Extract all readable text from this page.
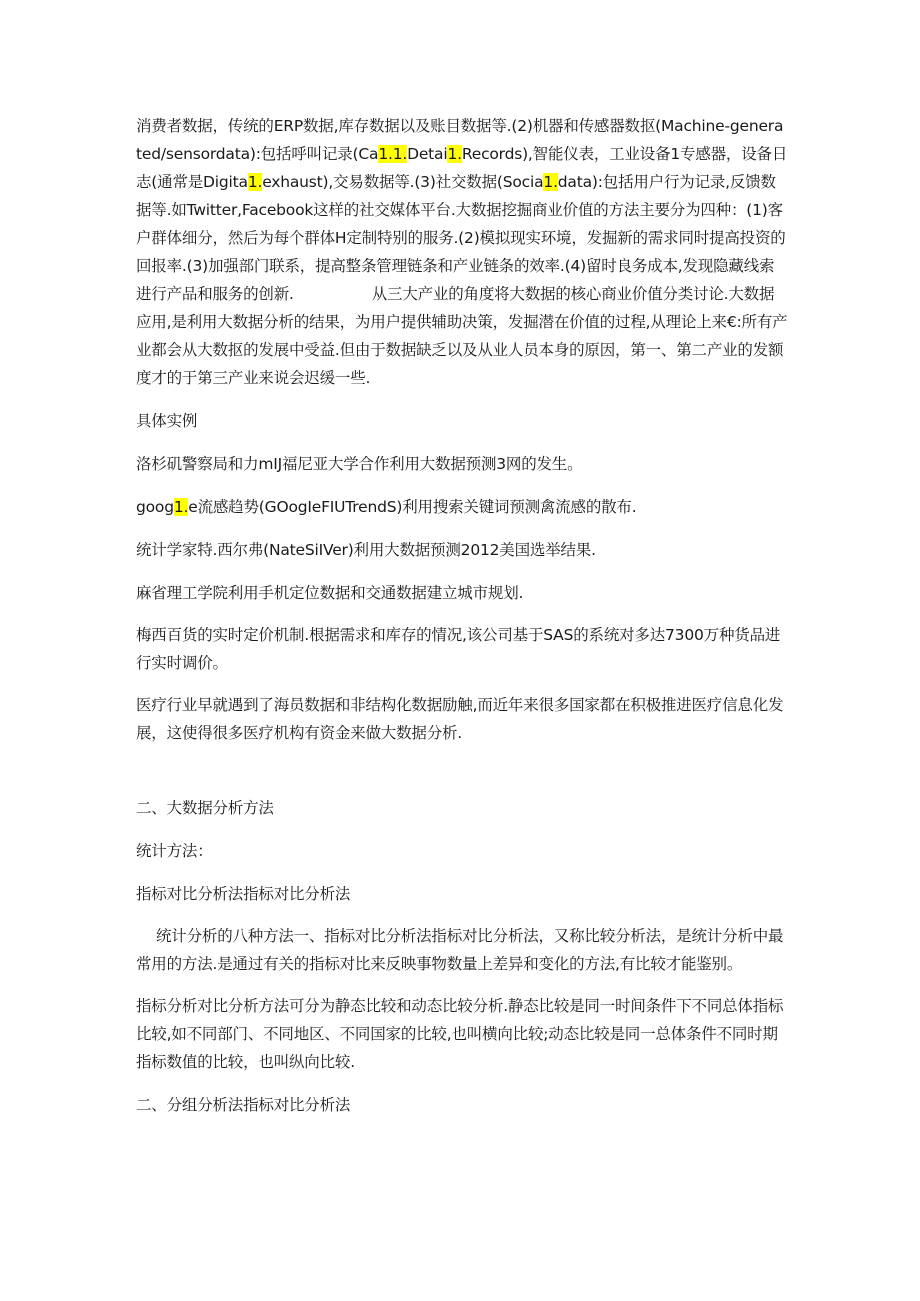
消费者数据，传统的ERP数据,库存数据以及账目数据等.(2)机器和传感器数抠(Machine-generated/sensordata):包括呼叫记录(Ca1.1.Detai1.Records),智能仪表，工业设备1专感器，设备日志(通常是Digita1.exhaust),交易数据等.(3)社交数据(Socia1.data):包括用户行为记录,反馈数据等.如Twitter,Facebook这样的社交媒体平台.大数据挖掘商业价值的方法主要分为四种：(1)客户群体细分，然后为每个群体H定制特别的服务.(2)模拟现实环境，发掘新的需求同时提高投资的回报率.(3)加强部门联系，提高整条管理链条和产业链条的效率.(4)留时良务成本,发现隐藏线索进行产品和服务的创新.	从三大产业的角度将大数据的核心商业价值分类讨论.大数据应用,是利用大数据分析的结果，为用户提供辅助决策，发掘潜在价值的过程,从理论上来€:所有产业都会从大数抠的发展中受益.但由于数据缺乏以及从业人员本身的原因，第一、第二产业的发额度才的于第三产业来说会迟缓一些.

具体实例

洛杉矶警察局和力mIJ福尼亚大学合作利用大数据预测3网的发生。

goog1.e流感趋势(GOogIeFIUTrendS)利用搜索关键词预测禽流感的散布.

统计学家特.西尔弗(NateSiIVer)利用大数据预测2012美国选举结果.

麻省理工学院利用手机定位数据和交通数据建立城市规划.

梅西百货的实时定价机制.根据需求和库存的情况,该公司基于SAS的系统对多达7300万种货品进行实时调价。

医疗行业早就遇到了海员数据和非结构化数据励触,而近年来很多国家都在积极推进医疗信息化发展，这使得很多医疗机构有资金来做大数据分析.

二、大数据分析方法

统计方法：

指标对比分析法指标对比分析法

统计分析的八种方法一、指标对比分析法指标对比分析法，又称比较分析法，是统计分析中最常用的方法.是通过有关的指标对比来反映事物数量上差异和变化的方法,有比较才能鉴别。

指标分析对比分析方法可分为静态比较和动态比较分析.静态比较是同一时间条件下不同总体指标比较,如不同部门、不同地区、不同国家的比较,也叫横向比较;动态比较是同一总体条件不同时期指标数值的比较，也叫纵向比较.

二、分组分析法指标对比分析法
